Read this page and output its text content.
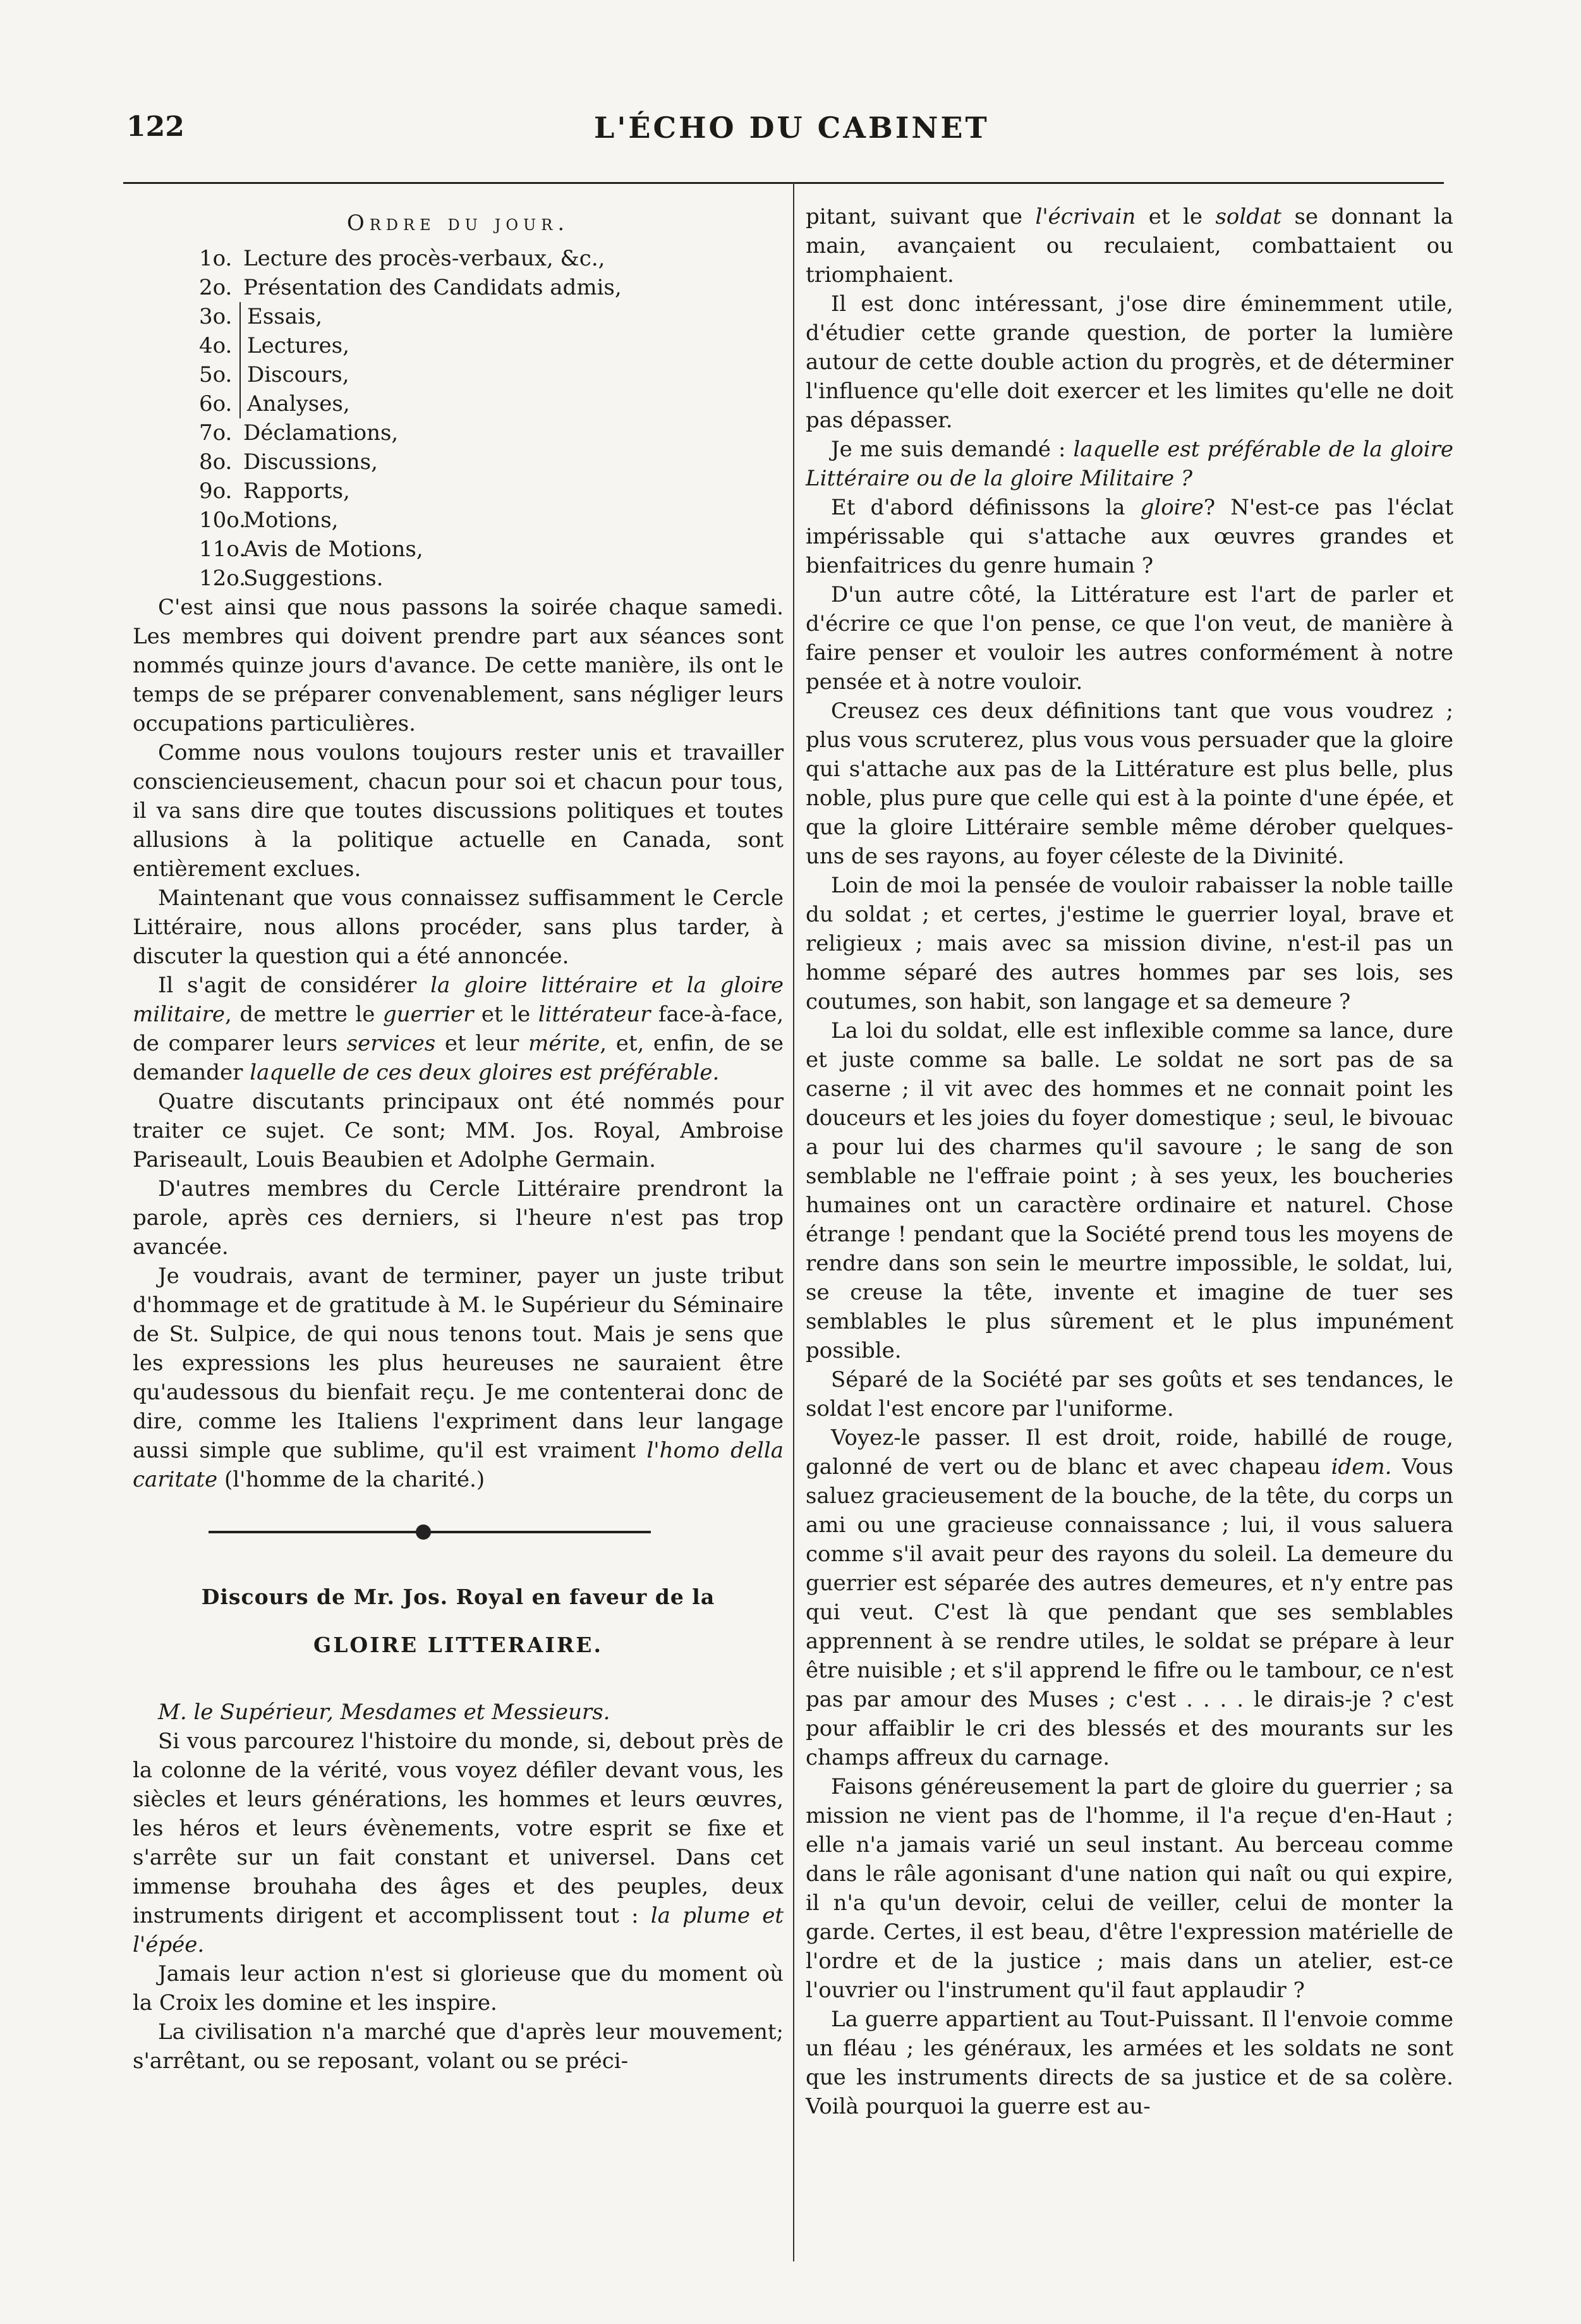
122	L'ÉCHO DU CABINET
Ordre du jour.
1o. Lecture des procès-verbaux, &c.,
2o. Présentation des Candidats admis,
3o. Essais,
4o. Lectures,
5o. Discours,
6o. Analyses,
7o. Déclamations,
8o. Discussions,
9o. Rapports,
10o.Motions,
11o.Avis de Motions,
12o.Suggestions.

C'est ainsi que nous passons la soirée chaque samedi. Les membres qui doivent prendre part aux séances sont nommés quinze jours d'avance. De cette manière, ils ont le temps de se préparer convenablement, sans négliger leurs occupations particulières.

Comme nous voulons toujours rester unis et travailler consciencieusement, chacun pour soi et chacun pour tous, il va sans dire que toutes discussions politiques et toutes allusions à la politique actuelle en Canada, sont entièrement exclues.

Maintenant que vous connaissez suffisamment le Cercle Littéraire, nous allons procéder, sans plus tarder, à discuter la question qui a été annoncée.

Il s'agit de considérer la gloire littéraire et la gloire militaire, de mettre le guerrier et le littérateur face-à-face, de comparer leurs services et leur mérite, et, enfin, de se demander laquelle de ces deux gloires est préférable.

Quatre discutants principaux ont été nommés pour traiter ce sujet. Ce sont; MM. Jos. Royal, Ambroise Pariseault, Louis Beaubien et Adolphe Germain.

D'autres membres du Cercle Littéraire prendront la parole, après ces derniers, si l'heure n'est pas trop avancée.

Je voudrais, avant de terminer, payer un juste tribut d'hommage et de gratitude à M. le Supérieur du Séminaire de St. Sulpice, de qui nous tenons tout. Mais je sens que les expressions les plus heureuses ne sauraient être qu'audessous du bienfait reçu. Je me contenterai donc de dire, comme les Italiens l'expriment dans leur langage aussi simple que sublime, qu'il est vraiment l'homo della caritate (l'homme de la charité.)

Discours de Mr. Jos. Royal en faveur de la
GLOIRE LITTERAIRE.

M. le Supérieur, Mesdames et Messieurs.

Si vous parcourez l'histoire du monde, si, debout près de la colonne de la vérité, vous voyez défiler devant vous, les siècles et leurs générations, les hommes et leurs œuvres, les héros et leurs évènements, votre esprit se fixe et s'arrête sur un fait constant et universel. Dans cet immense brouhaha des âges et des peuples, deux instruments dirigent et accomplissent tout : la plume et l'épée.

Jamais leur action n'est si glorieuse que du moment où la Croix les domine et les inspire.

La civilisation n'a marché que d'après leur mouvement; s'arrêtant, ou se reposant, volant ou se préci-

pitant, suivant que l'écrivain et le soldat se donnant la main, avançaient ou reculaient, combattaient ou triomphaient.

Il est donc intéressant, j'ose dire éminemment utile, d'étudier cette grande question, de porter la lumière autour de cette double action du progrès, et de déterminer l'influence qu'elle doit exercer et les limites qu'elle ne doit pas dépasser.

Je me suis demandé : laquelle est préférable de la gloire Littéraire ou de la gloire Militaire ?

Et d'abord définissons la gloire? N'est-ce pas l'éclat impérissable qui s'attache aux œuvres grandes et bienfaitrices du genre humain ?

D'un autre côté, la Littérature est l'art de parler et d'écrire ce que l'on pense, ce que l'on veut, de manière à faire penser et vouloir les autres conformément à notre pensée et à notre vouloir.

Creusez ces deux définitions tant que vous voudrez ; plus vous scruterez, plus vous vous persuader que la gloire qui s'attache aux pas de la Littérature est plus belle, plus noble, plus pure que celle qui est à la pointe d'une épée, et que la gloire Littéraire semble même dérober quelques-uns de ses rayons, au foyer céleste de la Divinité.

Loin de moi la pensée de vouloir rabaisser la noble taille du soldat ; et certes, j'estime le guerrier loyal, brave et religieux ; mais avec sa mission divine, n'est-il pas un homme séparé des autres hommes par ses lois, ses coutumes, son habit, son langage et sa demeure ?

La loi du soldat, elle est inflexible comme sa lance, dure et juste comme sa balle. Le soldat ne sort pas de sa caserne ; il vit avec des hommes et ne connait point les douceurs et les joies du foyer domestique ; seul, le bivouac a pour lui des charmes qu'il savoure ; le sang de son semblable ne l'effraie point ; à ses yeux, les boucheries humaines ont un caractère ordinaire et naturel. Chose étrange ! pendant que la Société prend tous les moyens de rendre dans son sein le meurtre impossible, le soldat, lui, se creuse la tête, invente et imagine de tuer ses semblables le plus sûrement et le plus impunément possible.

Séparé de la Société par ses goûts et ses tendances, le soldat l'est encore par l'uniforme.

Voyez-le passer. Il est droit, roide, habillé de rouge, galonné de vert ou de blanc et avec chapeau idem. Vous saluez gracieusement de la bouche, de la tête, du corps un ami ou une gracieuse connaissance ; lui, il vous saluera comme s'il avait peur des rayons du soleil. La demeure du guerrier est séparée des autres demeures, et n'y entre pas qui veut. C'est là que pendant que ses semblables apprennent à se rendre utiles, le soldat se prépare à leur être nuisible ; et s'il apprend le fifre ou le tambour, ce n'est pas par amour des Muses ; c'est . . . . le dirais-je ? c'est pour affaiblir le cri des blessés et des mourants sur les champs affreux du carnage.

Faisons généreusement la part de gloire du guerrier ; sa mission ne vient pas de l'homme, il l'a reçue d'en-Haut ; elle n'a jamais varié un seul instant. Au berceau comme dans le râle agonisant d'une nation qui naît ou qui expire, il n'a qu'un devoir, celui de veiller, celui de monter la garde. Certes, il est beau, d'être l'expression matérielle de l'ordre et de la justice ; mais dans un atelier, est-ce l'ouvrier ou l'instrument qu'il faut applaudir ?

La guerre appartient au Tout-Puissant. Il l'envoie comme un fléau ; les généraux, les armées et les soldats ne sont que les instruments directs de sa justice et de sa colère. Voilà pourquoi la guerre est au-
